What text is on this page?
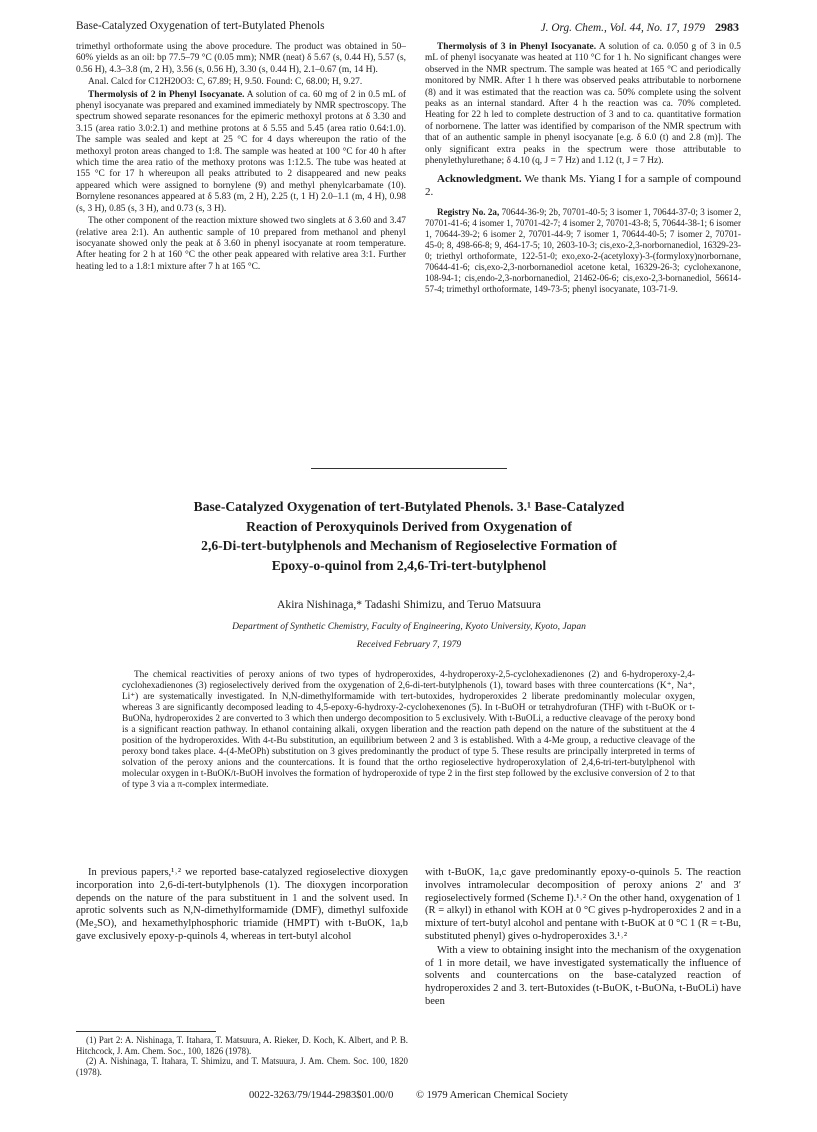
Base-Catalyzed Oxygenation of tert-Butylated Phenols	J. Org. Chem., Vol. 44, No. 17, 1979 2983

trimethyl orthoformate using the above procedure. The product was obtained in 50–60% yields as an oil: bp 77.5–79 °C (0.05 mm); NMR (neat) δ 5.67 (s, 0.44 H), 5.57 (s, 0.56 H), 4.3–3.8 (m, 2 H), 3.56 (s, 0.56 H), 3.30 (s, 0.44 H), 2.1–0.67 (m, 14 H).

Anal. Calcd for C12H20O3: C, 67.89; H, 9.50. Found: C, 68.00; H, 9.27.

Thermolysis of 2 in Phenyl Isocyanate. A solution of ca. 60 mg of 2 in 0.5 mL of phenyl isocyanate was prepared and examined immediately by NMR spectroscopy. The spectrum showed separate resonances for the epimeric methoxyl protons at δ 3.30 and 3.15 (area ratio 3.0:2.1) and methine protons at δ 5.55 and 5.45 (area ratio 0.64:1.0). The sample was sealed and kept at 25 °C for 4 days whereupon the ratio of the methoxyl proton areas changed to 1:8. The sample was heated at 100 °C for 40 h after which time the area ratio of the methoxy protons was 1:12.5. The tube was heated at 155 °C for 17 h whereupon all peaks attributed to 2 disappeared and new peaks appeared which were assigned to bornylene (9) and methyl phenylcarbamate (10). Bornylene resonances appeared at δ 5.83 (m, 2 H), 2.25 (t, 1 H) 2.0–1.1 (m, 4 H), 0.98 (s, 3 H), 0.85 (s, 3 H), and 0.73 (s, 3 H).

The other component of the reaction mixture showed two singlets at δ 3.60 and 3.47 (relative area 2:1). An authentic sample of 10 prepared from methanol and phenyl isocyanate showed only the peak at δ 3.60 in phenyl isocyanate at room temperature. After heating for 2 h at 160 °C the other peak appeared with relative area 3:1. Further heating led to a 1.8:1 mixture after 7 h at 165 °C.

Thermolysis of 3 in Phenyl Isocyanate. A solution of ca. 0.050 g of 3 in 0.5 mL of phenyl isocyanate was heated at 110 °C for 1 h. No significant changes were observed in the NMR spectrum. The sample was heated at 165 °C and periodically monitored by NMR. After 1 h there was observed peaks attributable to norbornene (8) and it was estimated that the reaction was ca. 50% complete using the solvent peaks as an internal standard. After 4 h the reaction was ca. 70% completed. Heating for 22 h led to complete destruction of 3 and to ca. quantitative formation of norbornene. The latter was identified by comparison of the NMR spectrum with that of an authentic sample in phenyl isocyanate [e.g. δ 6.0 (t) and 2.8 (m)]. The only significant extra peaks in the spectrum were those attributable to phenylethylurethane; δ 4.10 (q, J = 7 Hz) and 1.12 (t, J = 7 Hz).

Acknowledgment. We thank Ms. Yiang I for a sample of compound 2.

Registry No. 2a, 70644-36-9; 2b, 70701-40-5; 3 isomer 1, 70644-37-0; 3 isomer 2, 70701-41-6; 4 isomer 1, 70701-42-7; 4 isomer 2, 70701-43-8; 5, 70644-38-1; 6 isomer 1, 70644-39-2; 6 isomer 2, 70701-44-9; 7 isomer 1, 70644-40-5; 7 isomer 2, 70701-45-0; 8, 498-66-8; 9, 464-17-5; 10, 2603-10-3; cis,exo-2,3-norbornanediol, 16329-23-0; triethyl orthoformate, 122-51-0; exo,exo-2-(acetyloxy)-3-(formyloxy)norbornane, 70644-41-6; cis,exo-2,3-norbornanediol acetone ketal, 16329-26-3; cyclohexanone, 108-94-1; cis,endo-2,3-norbornanediol, 21462-06-6; cis,exo-2,3-bornanediol, 56614-57-4; trimethyl orthoformate, 149-73-5; phenyl isocyanate, 103-71-9.

Base-Catalyzed Oxygenation of tert-Butylated Phenols. 3.¹ Base-Catalyzed
Reaction of Peroxyquinols Derived from Oxygenation of
2,6-Di-tert-butylphenols and Mechanism of Regioselective Formation of
Epoxy-o-quinol from 2,4,6-Tri-tert-butylphenol
Akira Nishinaga,* Tadashi Shimizu, and Teruo Matsuura
Department of Synthetic Chemistry, Faculty of Engineering, Kyoto University, Kyoto, Japan
Received February 7, 1979
The chemical reactivities of peroxy anions of two types of hydroperoxides, 4-hydroperoxy-2,5-cyclohexadienones (2) and 6-hydroperoxy-2,4-cyclohexadienones (3) regioselectively derived from the oxygenation of 2,6-di-tert-butylphenols (1), toward bases with three countercations (K⁺, Na⁺, Li⁺) are systematically investigated. In N,N-dimethylformamide with tert-butoxides, hydroperoxides 2 liberate predominantly molecular oxygen, whereas 3 are significantly decomposed leading to 4,5-epoxy-6-hydroxy-2-cyclohexenones (5). In t-BuOH or tetrahydrofuran (THF) with t-BuOK or t-BuONa, hydroperoxides 2 are converted to 3 which then undergo decomposition to 5 exclusively. With t-BuOLi, a reductive cleavage of the peroxy bond is a significant reaction pathway. In ethanol containing alkali, oxygen liberation and the reaction path depend on the nature of the substituent at the 4 position of the hydroperoxides. With 4-t-Bu substitution, an equilibrium between 2 and 3 is established. With a 4-Me group, a reductive cleavage of the peroxy bond takes place. 4-(4-MeOPh) substitution on 3 gives predominantly the product of type 5. These results are principally interpreted in terms of solvation of the peroxy anions and the countercations. It is found that the ortho regioselective hydroperoxylation of 2,4,6-tri-tert-butylphenol with molecular oxygen in t-BuOK/t-BuOH involves the formation of hydroperoxide of type 2 in the first step followed by the exclusive conversion of 2 to that of type 3 via a π-complex intermediate.

In previous papers,¹˒² we reported base-catalyzed regioselective dioxygen incorporation into 2,6-di-tert-butylphenols (1). The dioxygen incorporation depends on the nature of the para substituent in 1 and the solvent used. In aprotic solvents such as N,N-dimethylformamide (DMF), dimethyl sulfoxide (Me₂SO), and hexamethylphosphoric triamide (HMPT) with t-BuOK, 1a,b gave exclusively epoxy-p-quinols 4, whereas in tert-butyl alcohol

with t-BuOK, 1a,c gave predominantly epoxy-o-quinols 5. The reaction involves intramolecular decomposition of peroxy anions 2′ and 3′ regioselectively formed (Scheme I).¹˒² On the other hand, oxygenation of 1 (R = alkyl) in ethanol with KOH at 0 °C gives p-hydroperoxides 2 and in a mixture of tert-butyl alcohol and pentane with t-BuOK at 0 °C 1 (R = t-Bu, substituted phenyl) gives o-hydroperoxides 3.¹˒²

With a view to obtaining insight into the mechanism of the oxygenation of 1 in more detail, we have investigated systematically the influence of solvents and countercations on the base-catalyzed reaction of hydroperoxides 2 and 3. tert-Butoxides (t-BuOK, t-BuONa, t-BuOLi) have been

(1) Part 2: A. Nishinaga, T. Itahara, T. Matsuura, A. Rieker, D. Koch, K. Albert, and P. B. Hitchcock, J. Am. Chem. Soc., 100, 1826 (1978).

(2) A. Nishinaga, T. Itahara, T. Shimizu, and T. Matsuura, J. Am. Chem. Soc. 100, 1820 (1978).

0022-3263/79/1944-2983$01.00/0 © 1979 American Chemical Society
